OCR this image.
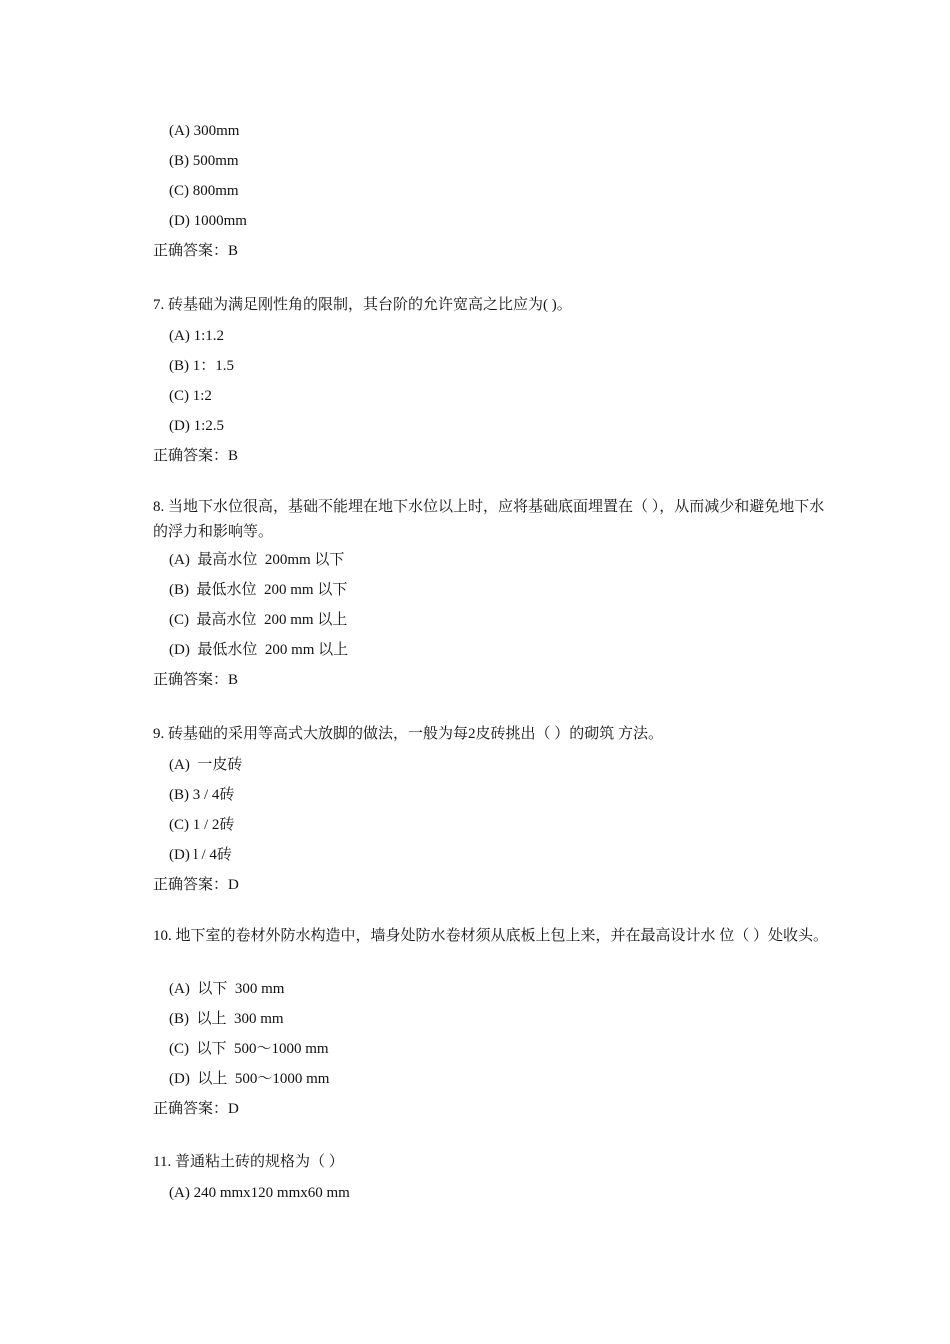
(A) 300mm
(B) 500mm
(C) 800mm
(D) 1000mm
正确答案：B
7. 砖基础为满足刚性角的限制，其台阶的允许宽高之比应为( )。
(A) 1:1.2
(B) 1：1.5
(C) 1:2
(D) 1:2.5
正确答案：B
8. 当地下水位很高，基础不能埋在地下水位以上时，应将基础底面埋置在（ ），从而减少和避免地下水的浮力和影响等。
(A)  最高水位  200mm 以下
(B)  最低水位  200 mm 以下
(C)  最高水位  200 mm 以上
(D)  最低水位  200 mm 以上
正确答案：B
9. 砖基础的采用等高式大放脚的做法，一般为每2皮砖挑出（ ）的砌筑 方法。
(A)  一皮砖
(B) 3 / 4砖
(C) 1 / 2砖
(D) l / 4砖
正确答案：D
10. 地下室的卷材外防水构造中，墙身处防水卷材须从底板上包上来，并在最高设计水 位（ ）处收头。
(A)  以下  300 mm
(B)  以上  300 mm
(C)  以下  500～1000 mm
(D)  以上  500～1000 mm
正确答案：D
11. 普通粘土砖的规格为（ ）
(A) 240 mmx120 mmx60 mm
